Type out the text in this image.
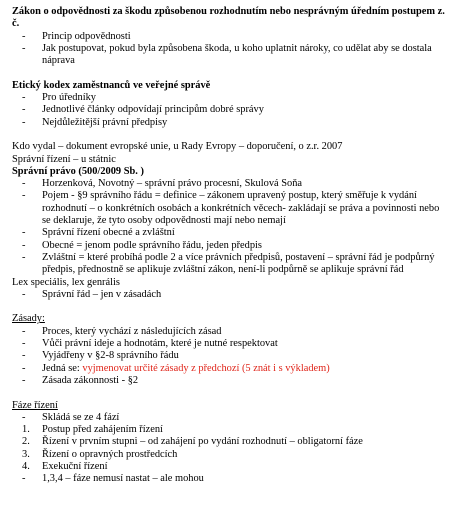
Zákon o odpovědnosti za škodu způsobenou rozhodnutím nebo nesprávným úředním postupem z. č.
- Princip odpovědnosti
- Jak postupovat, pokud byla způsobena škoda, u koho uplatnit nároky, co udělat aby se dostala náprava
Etický kodex zaměstnanců ve veřejné správě
- Pro úředníky
- Jednotlivé články odpovídají principům dobré správy
- Nejdůležitější právní předpisy
Kdo vydal – dokument evropské unie, u Rady Evropy – doporučení, o z.r. 2007
Správní řízení – u státnic
Správní právo (500/2009 Sb. )
- Horzenková, Novotný – správní právo procesní, Skulová Soňa
- Pojem - §9 správního řádu = definice – zákonem upravený postup, který směřuje k vydání rozhodnutí – o konkrétních osobách a konkrétních věcech- zakládají se práva a povinnosti nebo se deklaruje, že tyto osoby odpovědnosti mají nebo nemají
- Správní řízení obecné a zvláštní
- Obecné = jenom podle správního řádu, jeden předpis
- Zvláštní = které probíhá podle 2 a více právních předpisů, postavení – správní řád je podpůrný předpis, přednostně se aplikuje zvláštní zákon, není-li podpůrně se aplikuje správní řád
Lex speciális, lex genrális
- Správní řád – jen v zásadách
Zásady:
- Proces, který vychází z následujících zásad
- Vůči právní ideje a hodnotám, které je nutné respektovat
- Vyjádřeny v §2-8 správního řádu
- Jedná se: vyjmenovat určité zásady z předchozí (5 znát i s výkladem)
- Zásada zákonnosti - §2
Fáze řízení
- Skládá se ze 4 fází
1. Postup před zahájením řízení
2. Řízení v prvním stupni – od zahájení po vydání rozhodnutí – obligatorní fáze
3. Řízení o opravných prostředcích
4. Exekuční řízení
- 1,3,4 – fáze nemusí nastat – ale mohou
